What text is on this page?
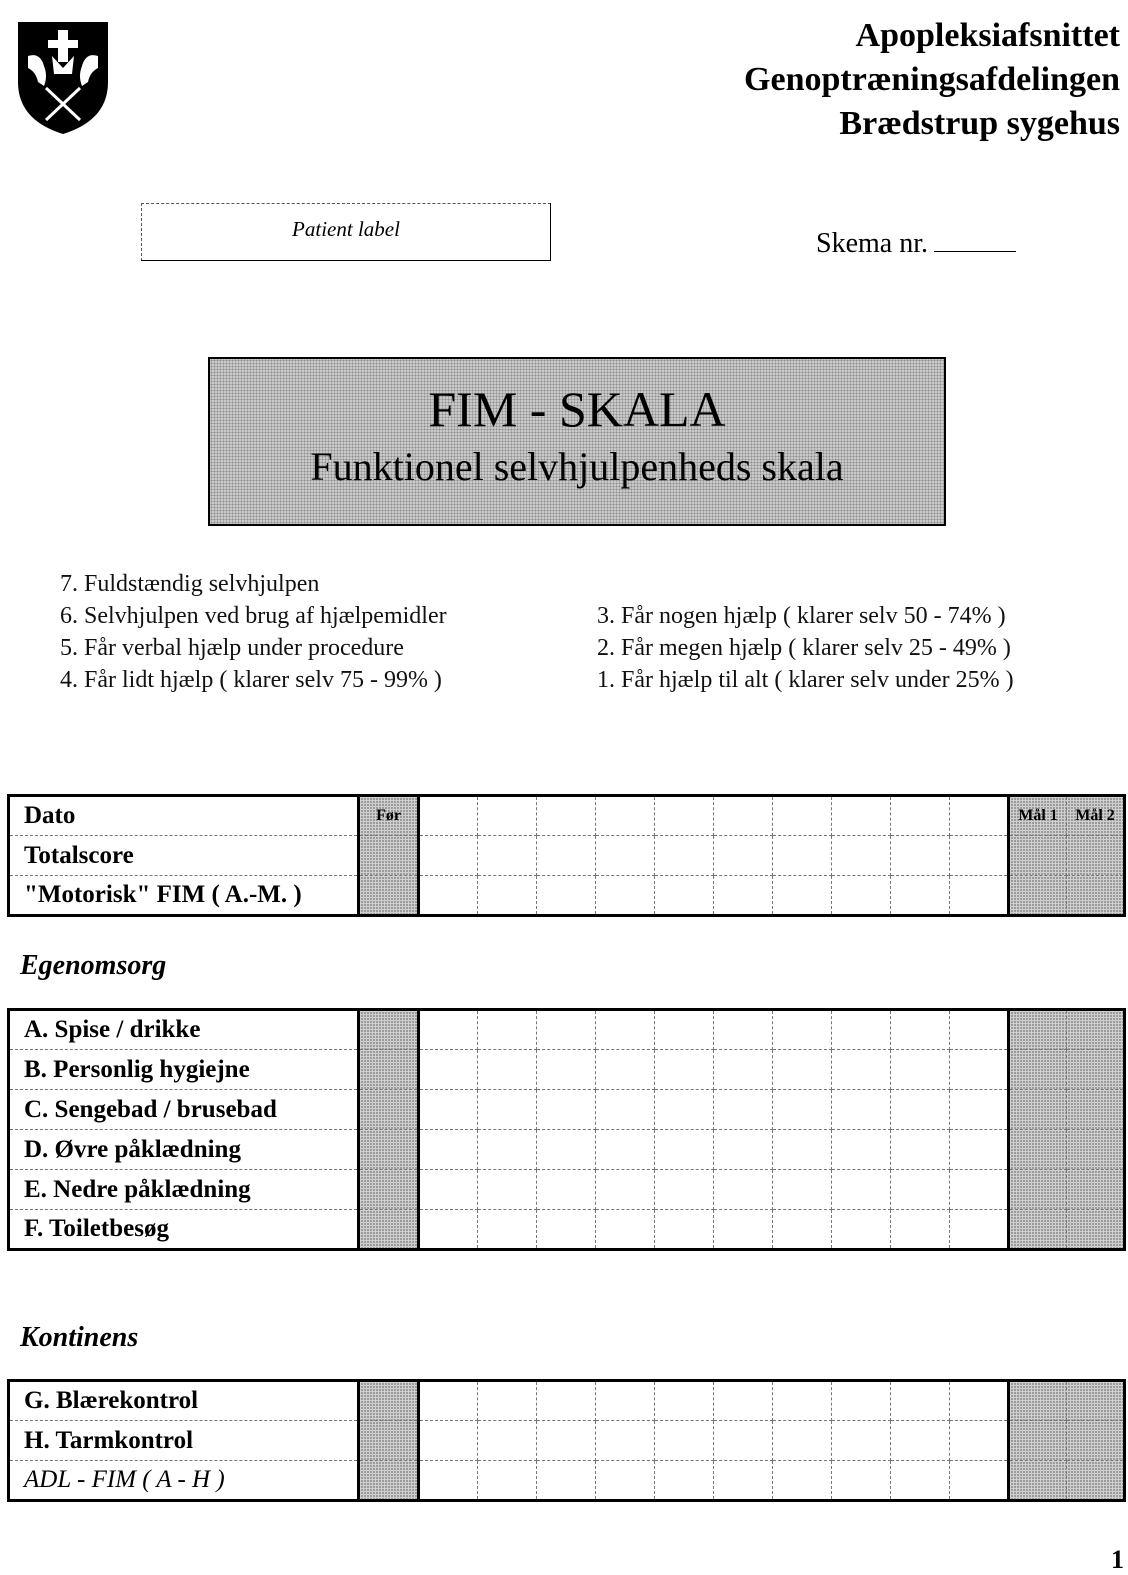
Apopleksiafsnittet
Genoptræningsafdelingen
Brædstrup sygehus
Patient label	Skema nr.
FIM - SKALA
Funktionel selvhjulpenheds skala
7. Fuldstændig selvhjulpen
6. Selvhjulpen ved brug af hjælpemidler
5. Får verbal hjælp under procedure
4. Får lidt hjælp ( klarer selv 75 - 99% )
3. Får nogen hjælp ( klarer selv 50 - 74% )
2. Får megen hjælp ( klarer selv 25 - 49% )
1. Får hjælp til alt ( klarer selv under 25% )
Dato	Før											Mål 1	Mål 2
Totalscore													
"Motorisk" FIM ( A.-M. )													
Egenomsorg
A. Spise / drikke													
B. Personlig hygiejne													
C. Sengebad / brusebad													
D. Øvre påklædning													
E. Nedre påklædning													
F. Toiletbesøg													
Kontinens
G. Blærekontrol													
H. Tarmkontrol													
ADL - FIM ( A - H )													
1
